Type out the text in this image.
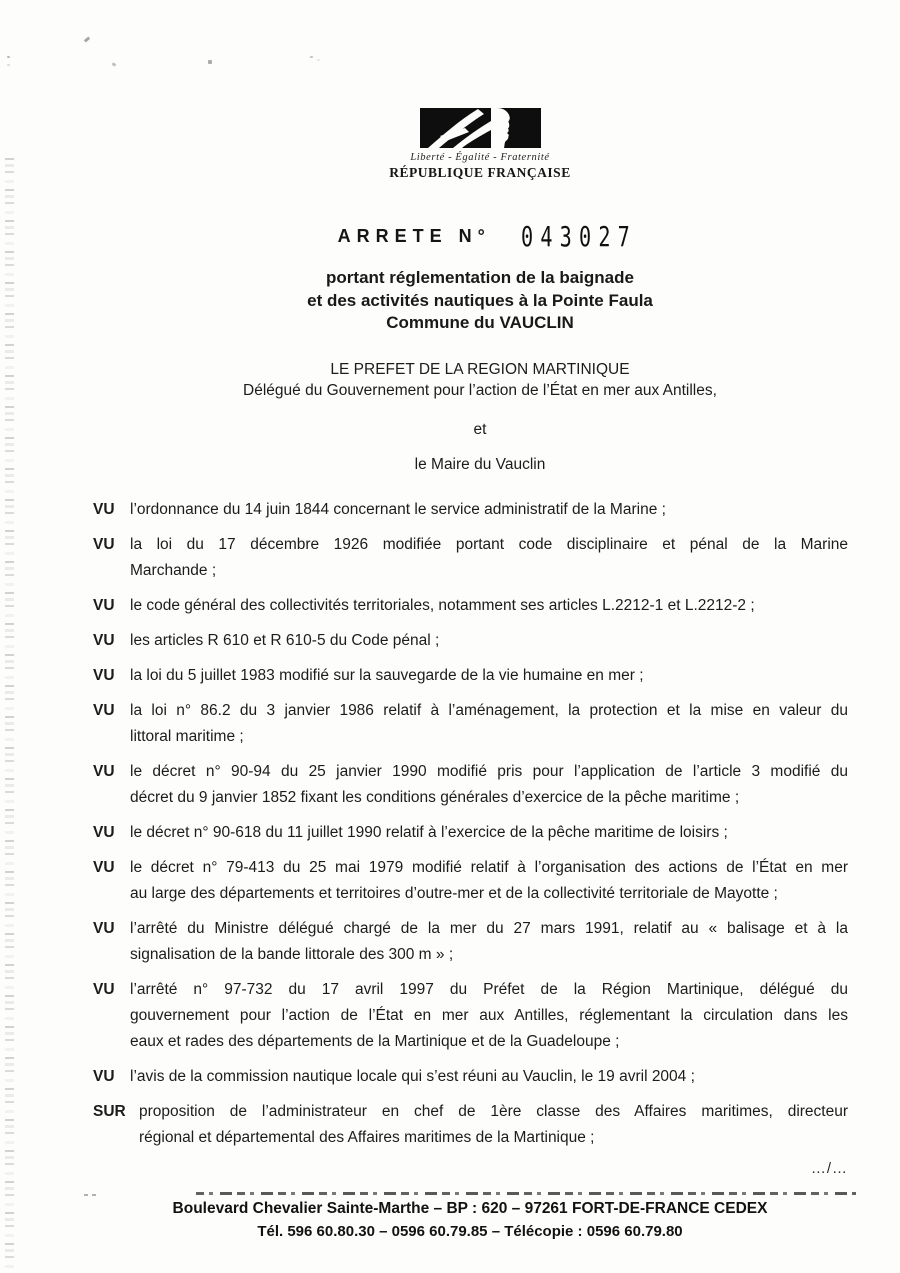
Liberté - Égalité - Fraternité
RÉPUBLIQUE FRANÇAISE
ARRETE N° 043027
portant réglementation de la baignade
et des activités nautiques à la Pointe Faula
Commune du VAUCLIN
LE PREFET DE LA REGION MARTINIQUE
Délégué du Gouvernement pour l’action de l’État en mer aux Antilles,
et
le Maire du Vauclin
VU l’ordonnance du 14 juin 1844 concernant le service administratif de la Marine ;
VU la loi du 17 décembre 1926 modifiée portant code disciplinaire et pénal de la Marine
Marchande ;
VU le code général des collectivités territoriales, notamment ses articles L.2212-1 et L.2212-2 ;
VU les articles R 610 et R 610-5 du Code pénal ;
VU la loi du 5 juillet 1983 modifié sur la sauvegarde de la vie humaine en mer ;
VU la loi n° 86.2 du 3 janvier 1986 relatif à l’aménagement, la protection et la mise en valeur du
littoral maritime ;
VU le décret n° 90-94 du 25 janvier 1990 modifié pris pour l’application de l’article 3 modifié du
décret du 9 janvier 1852 fixant les conditions générales d’exercice de la pêche maritime ;
VU le décret n° 90-618 du 11 juillet 1990 relatif à l’exercice de la pêche maritime de loisirs ;
VU le décret n° 79-413 du 25 mai 1979 modifié relatif à l’organisation des actions de l’État en mer
au large des départements et territoires d’outre-mer et de la collectivité territoriale de Mayotte ;
VU l’arrêté du Ministre délégué chargé de la mer du 27 mars 1991, relatif au « balisage et à la
signalisation de la bande littorale des 300 m » ;
VU l’arrêté n° 97-732 du 17 avril 1997 du Préfet de la Région Martinique, délégué du
gouvernement pour l’action de l’État en mer aux Antilles, réglementant la circulation dans les
eaux et rades des départements de la Martinique et de la Guadeloupe ;
VU l’avis de la commission nautique locale qui s’est réuni au Vauclin, le 19 avril 2004 ;
SUR proposition de l’administrateur en chef de 1ère classe des Affaires maritimes, directeur
régional et départemental des Affaires maritimes de la Martinique ;
…/…
Boulevard Chevalier Sainte-Marthe – BP : 620 – 97261 FORT-DE-FRANCE CEDEX
Tél. 596 60.80.30 – 0596 60.79.85 – Télécopie : 0596 60.79.80
